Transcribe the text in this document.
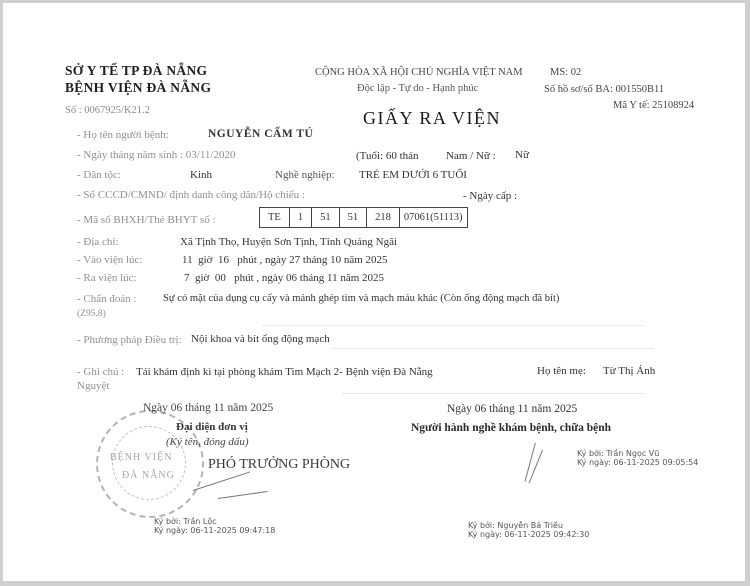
SỞ Y TẾ TP ĐÀ NẴNG
BỆNH VIỆN ĐÀ NẴNG
Số : 0067925/K21.2
CỘNG HÒA XÃ HỘI CHỦ NGHĨA VIỆT NAM
Độc lập - Tự do - Hạnh phúc
MS: 02
Số hồ sơ/số BA: 001550B11
Mã Y tế: 25108924
GIẤY RA VIỆN
- Họ tên người bệnh:	NGUYỄN CẨM TÚ
- Ngày tháng năm sinh : 03/11/2020	(Tuổi: 60 thán Nam / Nữ : Nữ
- Dân tộc:	Kinh	Nghề nghiệp: TRẺ EM DƯỚI 6 TUỔI
- Số CCCD/CMND/ định danh công dân/Hộ chiếu :	- Ngày cấp :
- Mã số BHXH/Thẻ BHYT số :	TE	1	51	51	218	07061(51113)
- Địa chỉ:	Xã Tịnh Thọ, Huyện Sơn Tịnh, Tỉnh Quảng Ngãi
- Vào viện lúc:	11  giờ  16   phút , ngày 27 tháng 10 năm 2025
- Ra viện lúc:	7  giờ  00   phút , ngày 06 tháng 11 năm 2025
- Chẩn đoán : Sự có mặt của dụng cụ cấy và mảnh ghép tim và mạch máu khác (Còn ống động mạch đã bít)
(Z95.8)
- Phương pháp Điều trị: Nội khoa và bít ống động mạch
- Ghi chú : Tái khám định kì tại phòng khám Tim Mạch 2- Bệnh viện Đà Nẵng	Họ tên mẹ: Từ Thị Ánh
Nguyệt
BỆNH VIỆN
ĐÀ NẴNG
Ngày 06 tháng 11 năm 2025
Đại diện đơn vị
(Ký tên, đóng dấu)
PHÓ TRƯỞNG PHÒNG
Ký bởi: Trần Lộc
Ký ngày: 06-11-2025 09:47:18
Ngày 06 tháng 11 năm 2025
Người hành nghề khám bệnh, chữa bệnh
Ký bởi: Trần Ngọc Vũ
Ký ngày: 06-11-2025 09:05:54
Ký bởi: Nguyễn Bá Triều
Ký ngày: 06-11-2025 09:42:30
